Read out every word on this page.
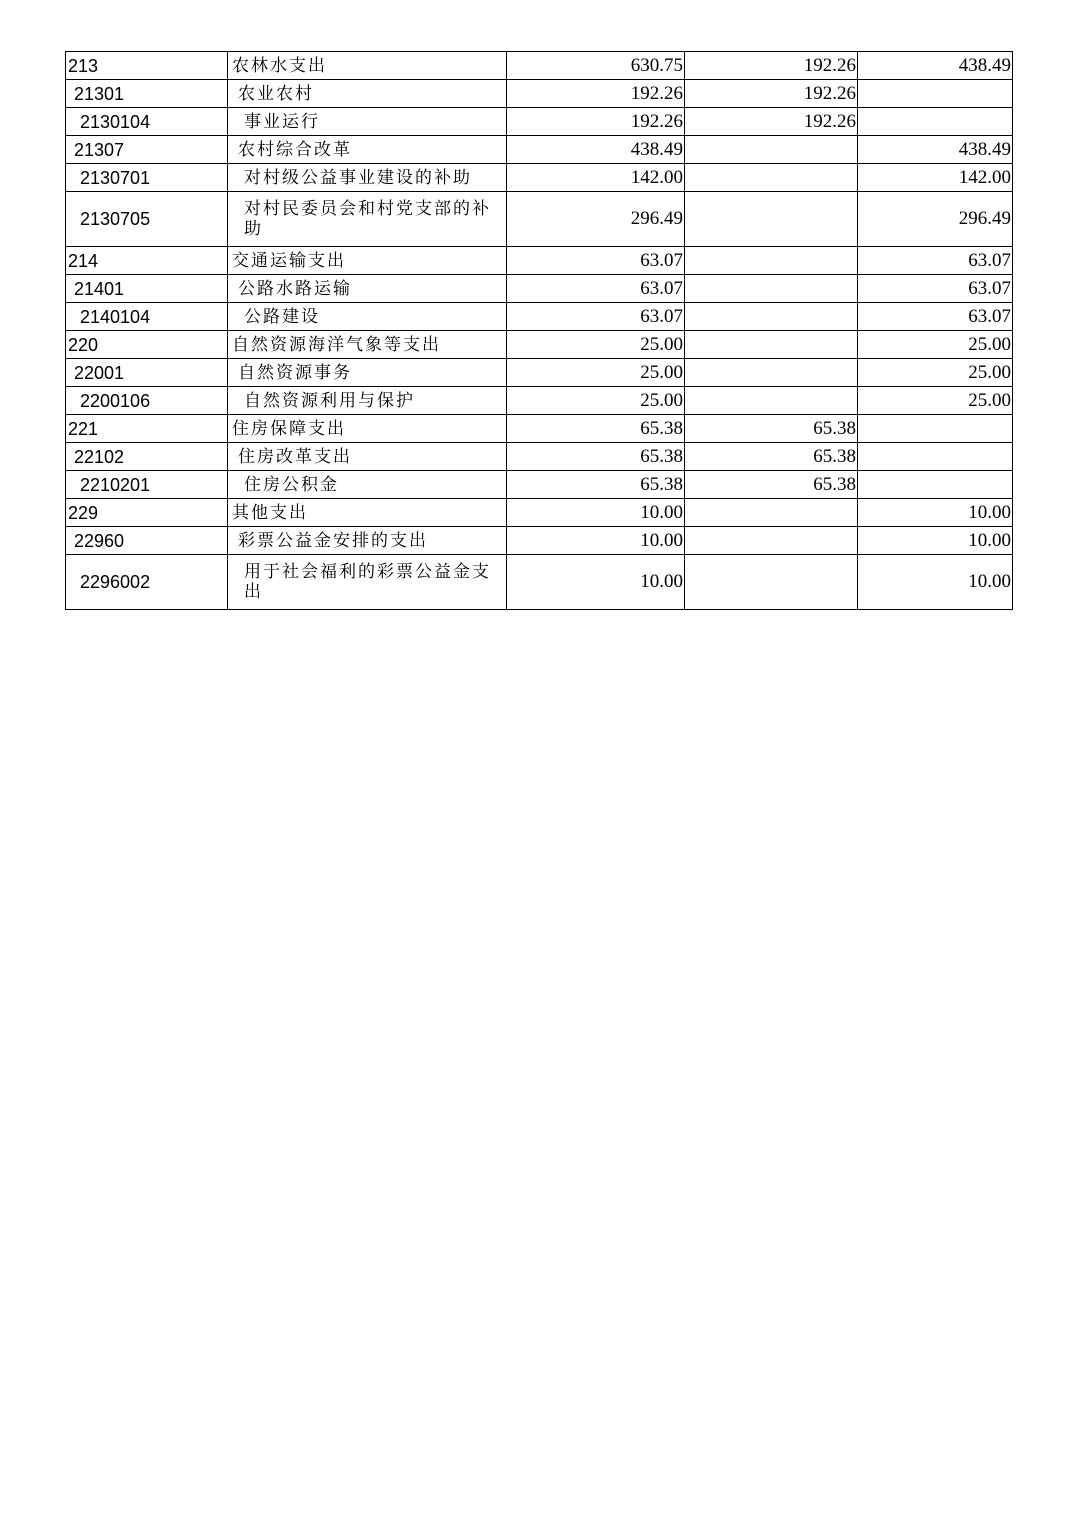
213	农林水支出	630.75	192.26	438.49
21301	农业农村	192.26	192.26	
2130104	事业运行	192.26	192.26	
21307	农村综合改革	438.49		438.49
2130701	对村级公益事业建设的补助	142.00		142.00
2130705	对村民委员会和村党支部的补助	296.49		296.49
214	交通运输支出	63.07		63.07
21401	公路水路运输	63.07		63.07
2140104	公路建设	63.07		63.07
220	自然资源海洋气象等支出	25.00		25.00
22001	自然资源事务	25.00		25.00
2200106	自然资源利用与保护	25.00		25.00
221	住房保障支出	65.38	65.38	
22102	住房改革支出	65.38	65.38	
2210201	住房公积金	65.38	65.38	
229	其他支出	10.00		10.00
22960	彩票公益金安排的支出	10.00		10.00
2296002	用于社会福利的彩票公益金支出	10.00		10.00
